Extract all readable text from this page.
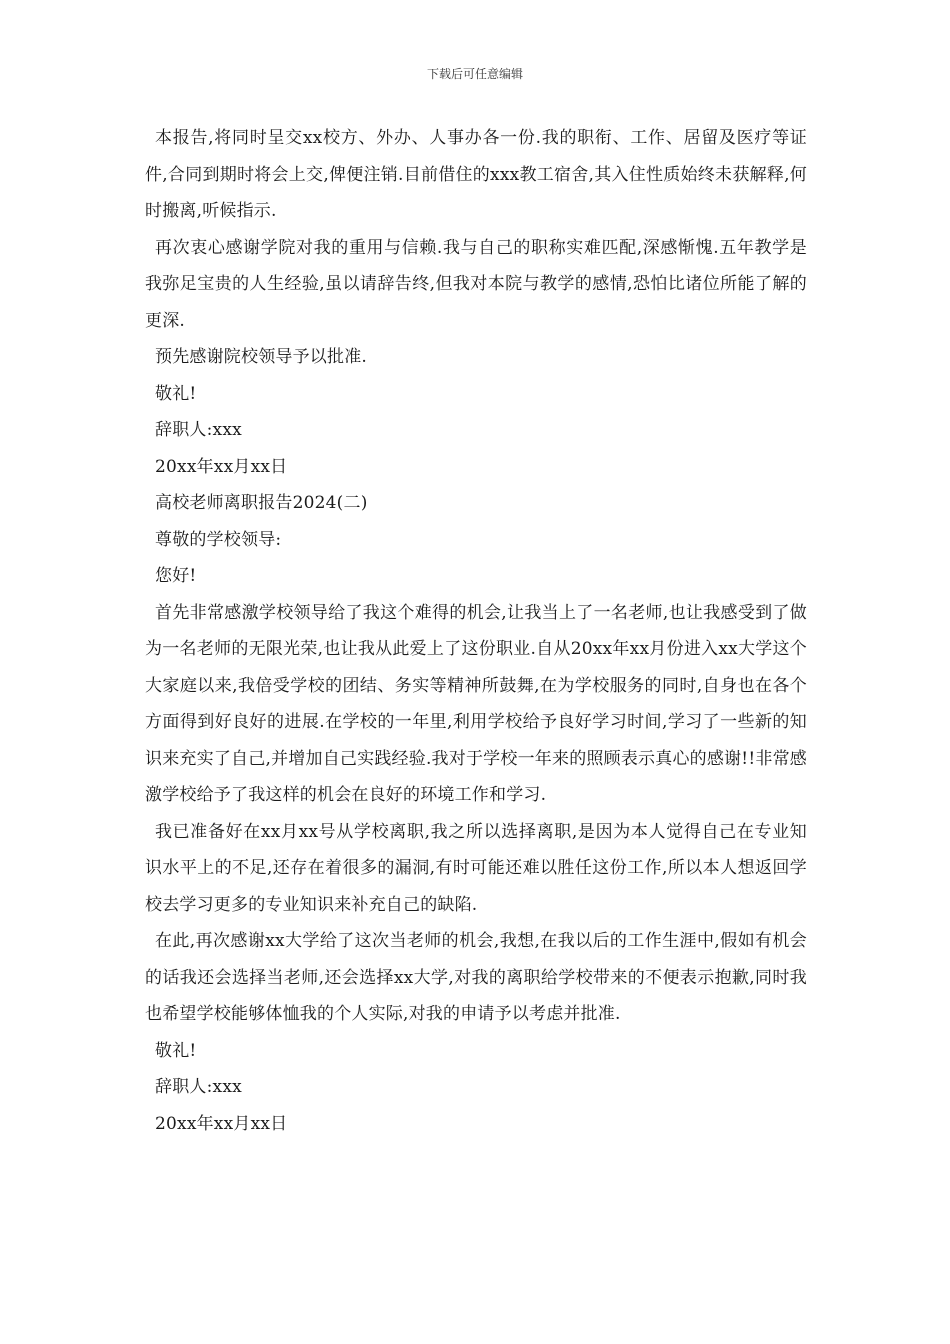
下载后可任意编辑

本报告,将同时呈交xx校方、外办、人事办各一份.我的职衔、工作、居留及医疗等证件,合同到期时将会上交,俾便注销.目前借住的xxx教工宿舍,其入住性质始终未获解释,何时搬离,听候指示.

再次衷心感谢学院对我的重用与信赖.我与自己的职称实难匹配,深感惭愧.五年教学是我弥足宝贵的人生经验,虽以请辞告终,但我对本院与教学的感情,恐怕比诸位所能了解的更深.

预先感谢院校领导予以批准.

敬礼!

辞职人:xxx

20xx年xx月xx日

高校老师离职报告2024(二)

尊敬的学校领导:

您好!

首先非常感激学校领导给了我这个难得的机会,让我当上了一名老师,也让我感受到了做为一名老师的无限光荣,也让我从此爱上了这份职业.自从20xx年xx月份进入xx大学这个大家庭以来,我倍受学校的团结、务实等精神所鼓舞,在为学校服务的同时,自身也在各个方面得到好良好的进展.在学校的一年里,利用学校给予良好学习时间,学习了一些新的知识来充实了自己,并增加自己实践经验.我对于学校一年来的照顾表示真心的感谢!!非常感激学校给予了我这样的机会在良好的环境工作和学习.

我已准备好在xx月xx号从学校离职,我之所以选择离职,是因为本人觉得自己在专业知识水平上的不足,还存在着很多的漏洞,有时可能还难以胜任这份工作,所以本人想返回学校去学习更多的专业知识来补充自己的缺陷.

在此,再次感谢xx大学给了这次当老师的机会,我想,在我以后的工作生涯中,假如有机会的话我还会选择当老师,还会选择xx大学,对我的离职给学校带来的不便表示抱歉,同时我也希望学校能够体恤我的个人实际,对我的申请予以考虑并批准.

敬礼!

辞职人:xxx

20xx年xx月xx日
